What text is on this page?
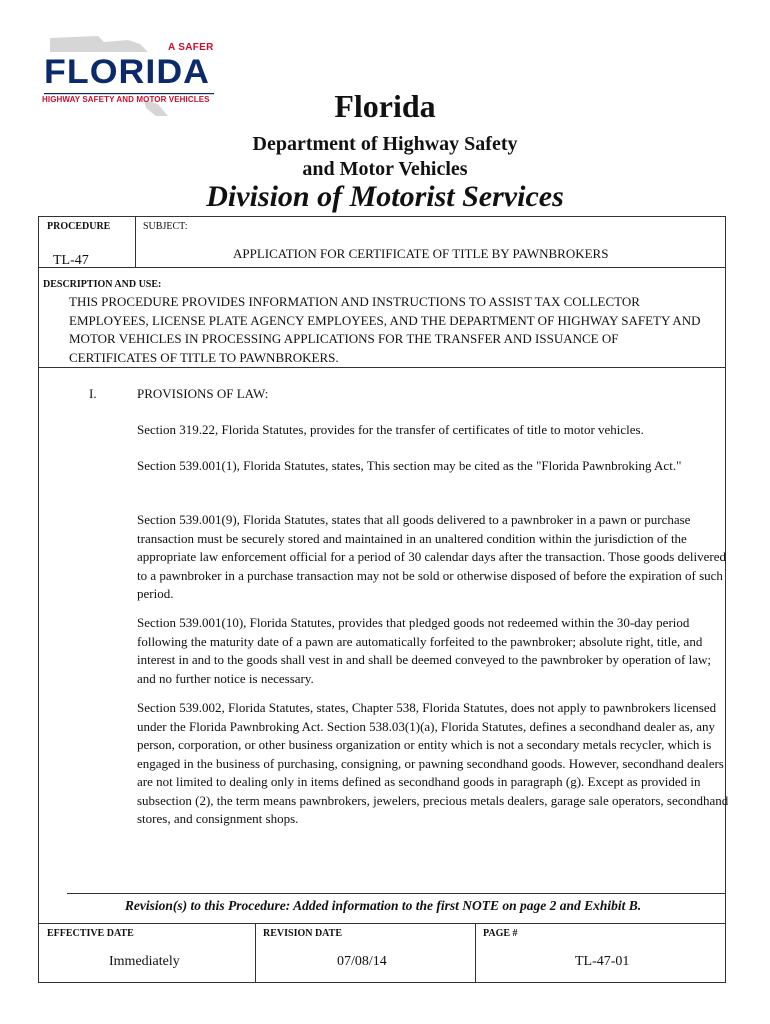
A SAFER
FLORIDA
HIGHWAY SAFETY AND MOTOR VEHICLES	Florida
Department of Highway Safety
and Motor Vehicles
Division of Motorist Services
PROCEDURE
TL-47
SUBJECT:
APPLICATION FOR CERTIFICATE OF TITLE BY PAWNBROKERS
DESCRIPTION AND USE:
THIS PROCEDURE PROVIDES INFORMATION AND INSTRUCTIONS TO ASSIST TAX COLLECTOR EMPLOYEES, LICENSE PLATE AGENCY EMPLOYEES, AND THE DEPARTMENT OF HIGHWAY SAFETY AND MOTOR VEHICLES IN PROCESSING APPLICATIONS FOR THE TRANSFER AND ISSUANCE OF CERTIFICATES OF TITLE TO PAWNBROKERS.
I.	PROVISIONS OF LAW:
Section 319.22, Florida Statutes, provides for the transfer of certificates of title to motor vehicles.
Section 539.001(1), Florida Statutes, states, This section may be cited as the "Florida Pawnbroking Act."
Section 539.001(9), Florida Statutes, states that all goods delivered to a pawnbroker in a pawn or purchase transaction must be securely stored and maintained in an unaltered condition within the jurisdiction of the appropriate law enforcement official for a period of 30 calendar days after the transaction. Those goods delivered to a pawnbroker in a purchase transaction may not be sold or otherwise disposed of before the expiration of such period.
Section 539.001(10), Florida Statutes, provides that pledged goods not redeemed within the 30-day period following the maturity date of a pawn are automatically forfeited to the pawnbroker; absolute right, title, and interest in and to the goods shall vest in and shall be deemed conveyed to the pawnbroker by operation of law; and no further notice is necessary.
Section 539.002, Florida Statutes, states, Chapter 538, Florida Statutes, does not apply to pawnbrokers licensed under the Florida Pawnbroking Act. Section 538.03(1)(a), Florida Statutes, defines a secondhand dealer as, any person, corporation, or other business organization or entity which is not a secondary metals recycler, which is engaged in the business of purchasing, consigning, or pawning secondhand goods. However, secondhand dealers are not limited to dealing only in items defined as secondhand goods in paragraph (g). Except as provided in subsection (2), the term means pawnbrokers, jewelers, precious metals dealers, garage sale operators, secondhand stores, and consignment shops.
Revision(s) to this Procedure: Added information to the first NOTE on page 2 and Exhibit B.
EFFECTIVE DATE
Immediately
REVISION DATE
07/08/14
PAGE #
TL-47-01
